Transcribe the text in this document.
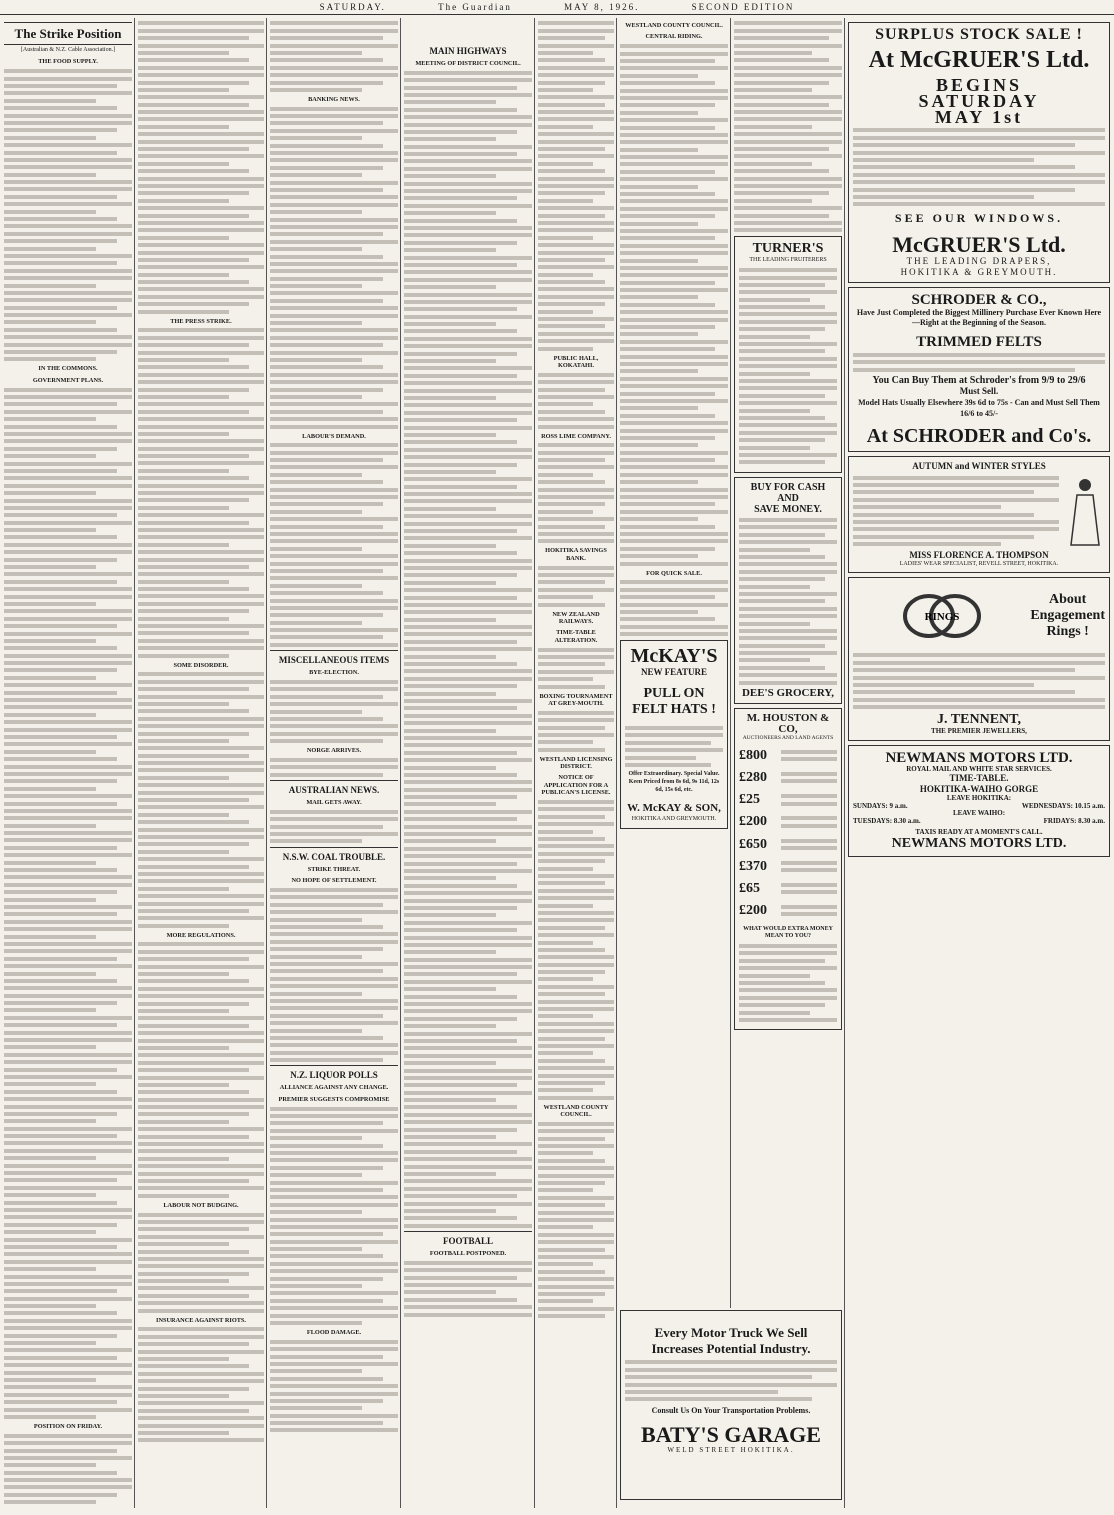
SATURDAY.	The Guardian	MAY 8, 1926.	SECOND EDITION
The Strike Position
[Australian & N.Z. Cable Association.]
THE FOOD SUPPLY.
IN THE COMMONS.
GOVERNMENT PLANS.
POSITION ON FRIDAY.
THE PRESS STRIKE.
SOME DISORDER.
MORE REGULATIONS.
LABOUR NOT BUDGING.
INSURANCE AGAINST RIOTS.
BANKING NEWS.
LABOUR'S DEMAND.
MISCELLANEOUS ITEMS
BYE-ELECTION.
NORGE ARRIVES.
AUSTRALIAN NEWS.
MAIL GETS AWAY.
N.S.W. COAL TROUBLE.
STRIKE THREAT.
NO HOPE OF SETTLEMENT.
N.Z. LIQUOR POLLS
ALLIANCE AGAINST ANY CHANGE.
PREMIER SUGGESTS COMPROMISE
FLOOD DAMAGE.
MAIN HIGHWAYS
MEETING OF DISTRICT COUNCIL.
FOOTBALL
FOOTBALL POSTPONED.
PUBLIC HALL, KOKATAHI.
ROSS LIME COMPANY.
HOKITIKA SAVINGS BANK.
NEW ZEALAND RAILWAYS.
TIME-TABLE ALTERATION.
BOXING TOURNAMENT AT GREY-MOUTH.
WESTLAND LICENSING DISTRICT.
NOTICE OF APPLICATION FOR A PUBLICAN'S LICENSE.
WESTLAND COUNTY COUNCIL.
WESTLAND COUNTY COUNCIL.
CENTRAL RIDING.
FOR QUICK SALE.
McKAY'S
NEW FEATURE
PULL ON FELT HATS !
Offer Extraordinary. Special Value.
Keen Priced from 8s 6d, 9s 11d, 12s 6d, 15s 6d, etc.
W. McKAY & SON,
HOKITIKA AND GREYMOUTH.
Every Motor Truck We Sell
Increases Potential Industry.
Consult Us On Your Transportation Problems.
BATY'S GARAGE
WELD STREET HOKITIKA.
TURNER'S
THE LEADING FRUITERERS
BUY FOR CASH AND
SAVE MONEY.
DEE'S GROCERY,
M. HOUSTON & CO,
AUCTIONEERS AND LAND AGENTS
£800
£280
£25
£200
£650
£370
£65
£200
WHAT WOULD EXTRA MONEY MEAN TO YOU?
SURPLUS STOCK SALE !
At McGRUER'S Ltd.
BEGINS
SATURDAY
MAY 1st
SEE OUR WINDOWS.
McGRUER'S Ltd.
THE LEADING DRAPERS,
HOKITIKA & GREYMOUTH.
SCHRODER & CO.,
Have Just Completed the Biggest Millinery Purchase Ever Known Here—Right at the Beginning of the Season.
TRIMMED FELTS
You Can Buy Them at Schroder's from 9/9 to 29/6
Must Sell.
Model Hats Usually Elsewhere 39s 6d to 75s - Can and Must Sell Them 16/6 to 45/-
At SCHRODER and Co's.
AUTUMN and WINTER STYLES
MISS FLORENCE A. THOMPSON
LADIES' WEAR SPECIALIST, REVELL STREET, HOKITIKA.
RINGS
About
Engagement
Rings !
J. TENNENT,
THE PREMIER JEWELLERS,
NEWMANS MOTORS LTD.
ROYAL MAIL AND WHITE STAR SERVICES.
TIME-TABLE.
HOKITIKA-WAIHO GORGE
LEAVE HOKITIKA:
SUNDAYS: 9 a.m.	WEDNESDAYS: 10.15 a.m.
LEAVE WAIHO:
TUESDAYS: 8.30 a.m.	FRIDAYS: 8.30 a.m.
TAXIS READY AT A MOMENT'S CALL.
NEWMANS MOTORS LTD.
